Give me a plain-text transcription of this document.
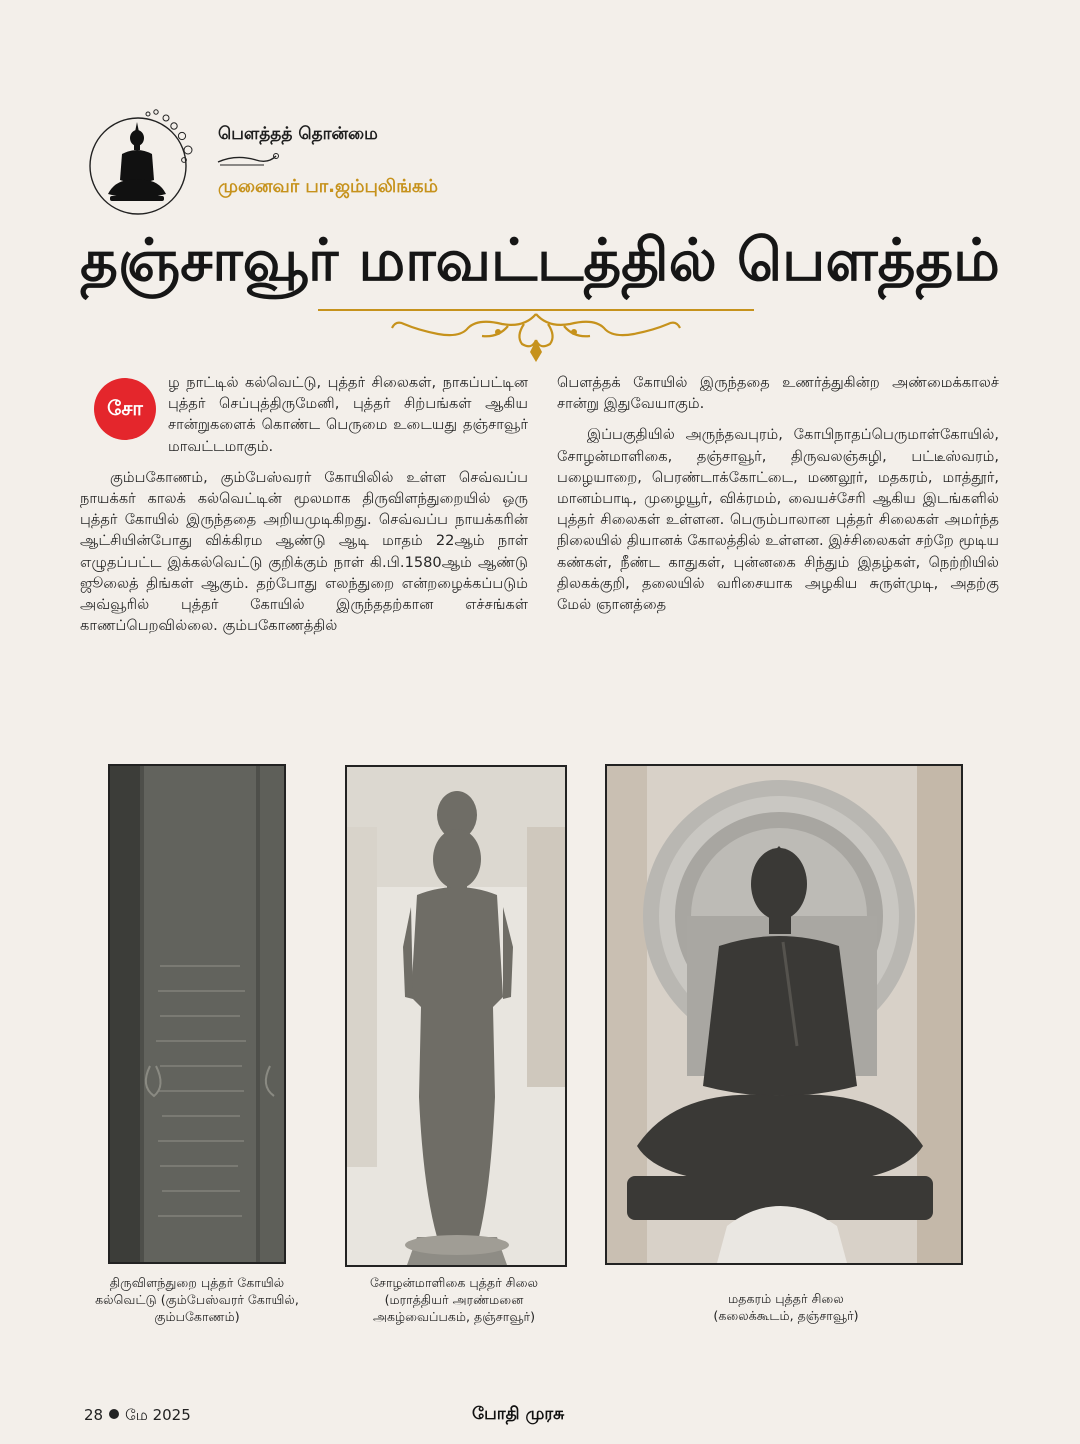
பௌத்தத் தொன்மை
முனைவர் பா.ஜம்புலிங்கம்
தஞ்சாவூர் மாவட்டத்தில் பௌத்தம்
சோ

ழ நாட்டில் கல்வெட்டு, புத்தர் சிலைகள், நாகப்பட்டின புத்தர் செப்புத்திருமேனி, புத்தர் சிற்பங்கள் ஆகிய சான்றுகளைக் கொண்ட பெருமை உடையது தஞ்சாவூர் மாவட்டமாகும்.

கும்பகோணம், கும்பேஸ்வரர் கோயிலில் உள்ள செவ்வப்ப நாயக்கர் காலக் கல்வெட்டின் மூலமாக திருவிளந்துறையில் ஒரு புத்தர் கோயில் இருந்ததை அறியமுடிகிறது. செவ்வப்ப நாயக்கரின் ஆட்சியின்போது விக்கிரம ஆண்டு ஆடி மாதம் 22ஆம் நாள் எழுதப்பட்ட இக்கல்வெட்டு குறிக்கும் நாள் கி.பி.1580ஆம் ஆண்டு ஜூலைத் திங்கள் ஆகும். தற்போது எலந்துறை என்றழைக்கப்படும் அவ்வூரில் புத்தர் கோயில் இருந்ததற்கான எச்சங்கள் காணப்பெறவில்லை. கும்பகோணத்தில்

பௌத்தக் கோயில் இருந்ததை உணர்த்துகின்ற அண்மைக்காலச் சான்று இதுவேயாகும்.

இப்பகுதியில் அருந்தவபுரம், கோபிநாதப்பெருமாள்கோயில், சோழன்மாளிகை, தஞ்சாவூர், திருவலஞ்சுழி, பட்டீஸ்வரம், பழையாறை, பெரண்டாக்கோட்டை, மணலூர், மதகரம், மாத்தூர், மானம்பாடி, முழையூர், விக்ரமம், வையச்சேரி ஆகிய இடங்களில் புத்தர் சிலைகள் உள்ளன. பெரும்பாலான புத்தர் சிலைகள் அமர்ந்த நிலையில் தியானக் கோலத்தில் உள்ளன. இச்சிலைகள் சற்றே மூடிய கண்கள், நீண்ட காதுகள், புன்னகை சிந்தும் இதழ்கள், நெற்றியில் திலகக்குறி, தலையில் வரிசையாக அழகிய சுருள்முடி, அதற்கு மேல் ஞானத்தை

திருவிளந்துறை புத்தர் கோயில்
கல்வெட்டு (கும்பேஸ்வரர் கோயில்,
கும்பகோணம்)
சோழன்மாளிகை புத்தர் சிலை
(மராத்தியர் அரண்மனை
அகழ்வைப்பகம், தஞ்சாவூர்)
மதகரம் புத்தர் சிலை
(கலைக்கூடம், தஞ்சாவூர்)
28 மே 2025	போதி முரசு
